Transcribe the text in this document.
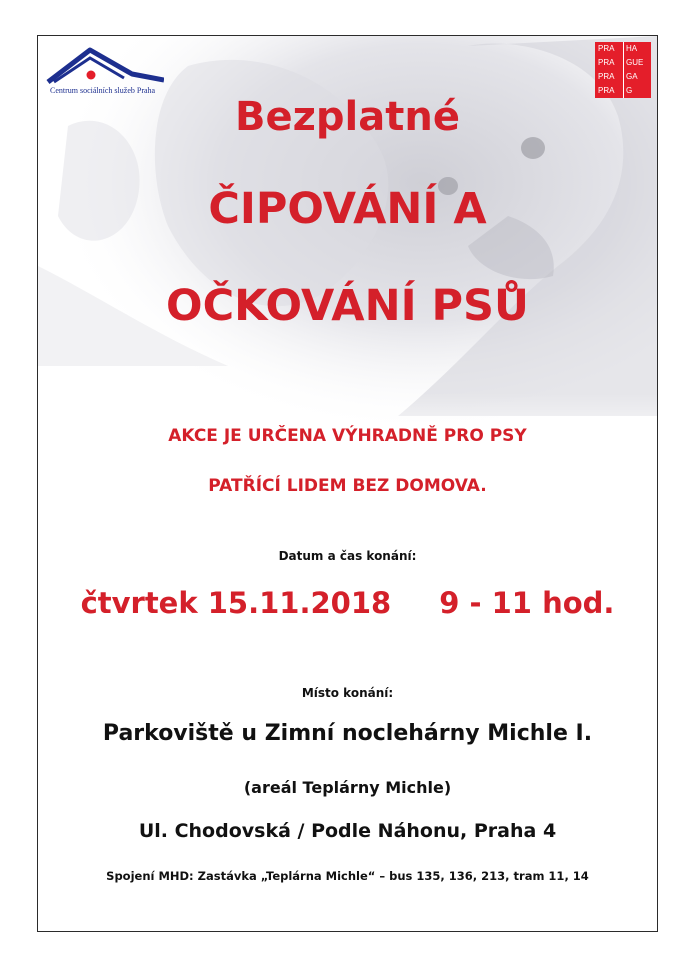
Centrum sociálních služeb Praha
PRA	HA
PRA	GUE
PRA	GA
PRA	G
Bezplatné
ČIPOVÁNÍ A
OČKOVÁNÍ PSŮ
AKCE JE URČENA VÝHRADNĚ PRO PSY
PATŘÍCÍ LIDEM BEZ DOMOVA.
Datum a čas konání:
čtvrtek 15.11.2018 9 - 11 hod.
Místo konání:
Parkoviště u Zimní noclehárny Michle I.
(areál Teplárny Michle)
Ul. Chodovská / Podle Náhonu, Praha 4
Spojení MHD: Zastávka „Teplárna Michle“ – bus 135, 136, 213, tram 11, 14
